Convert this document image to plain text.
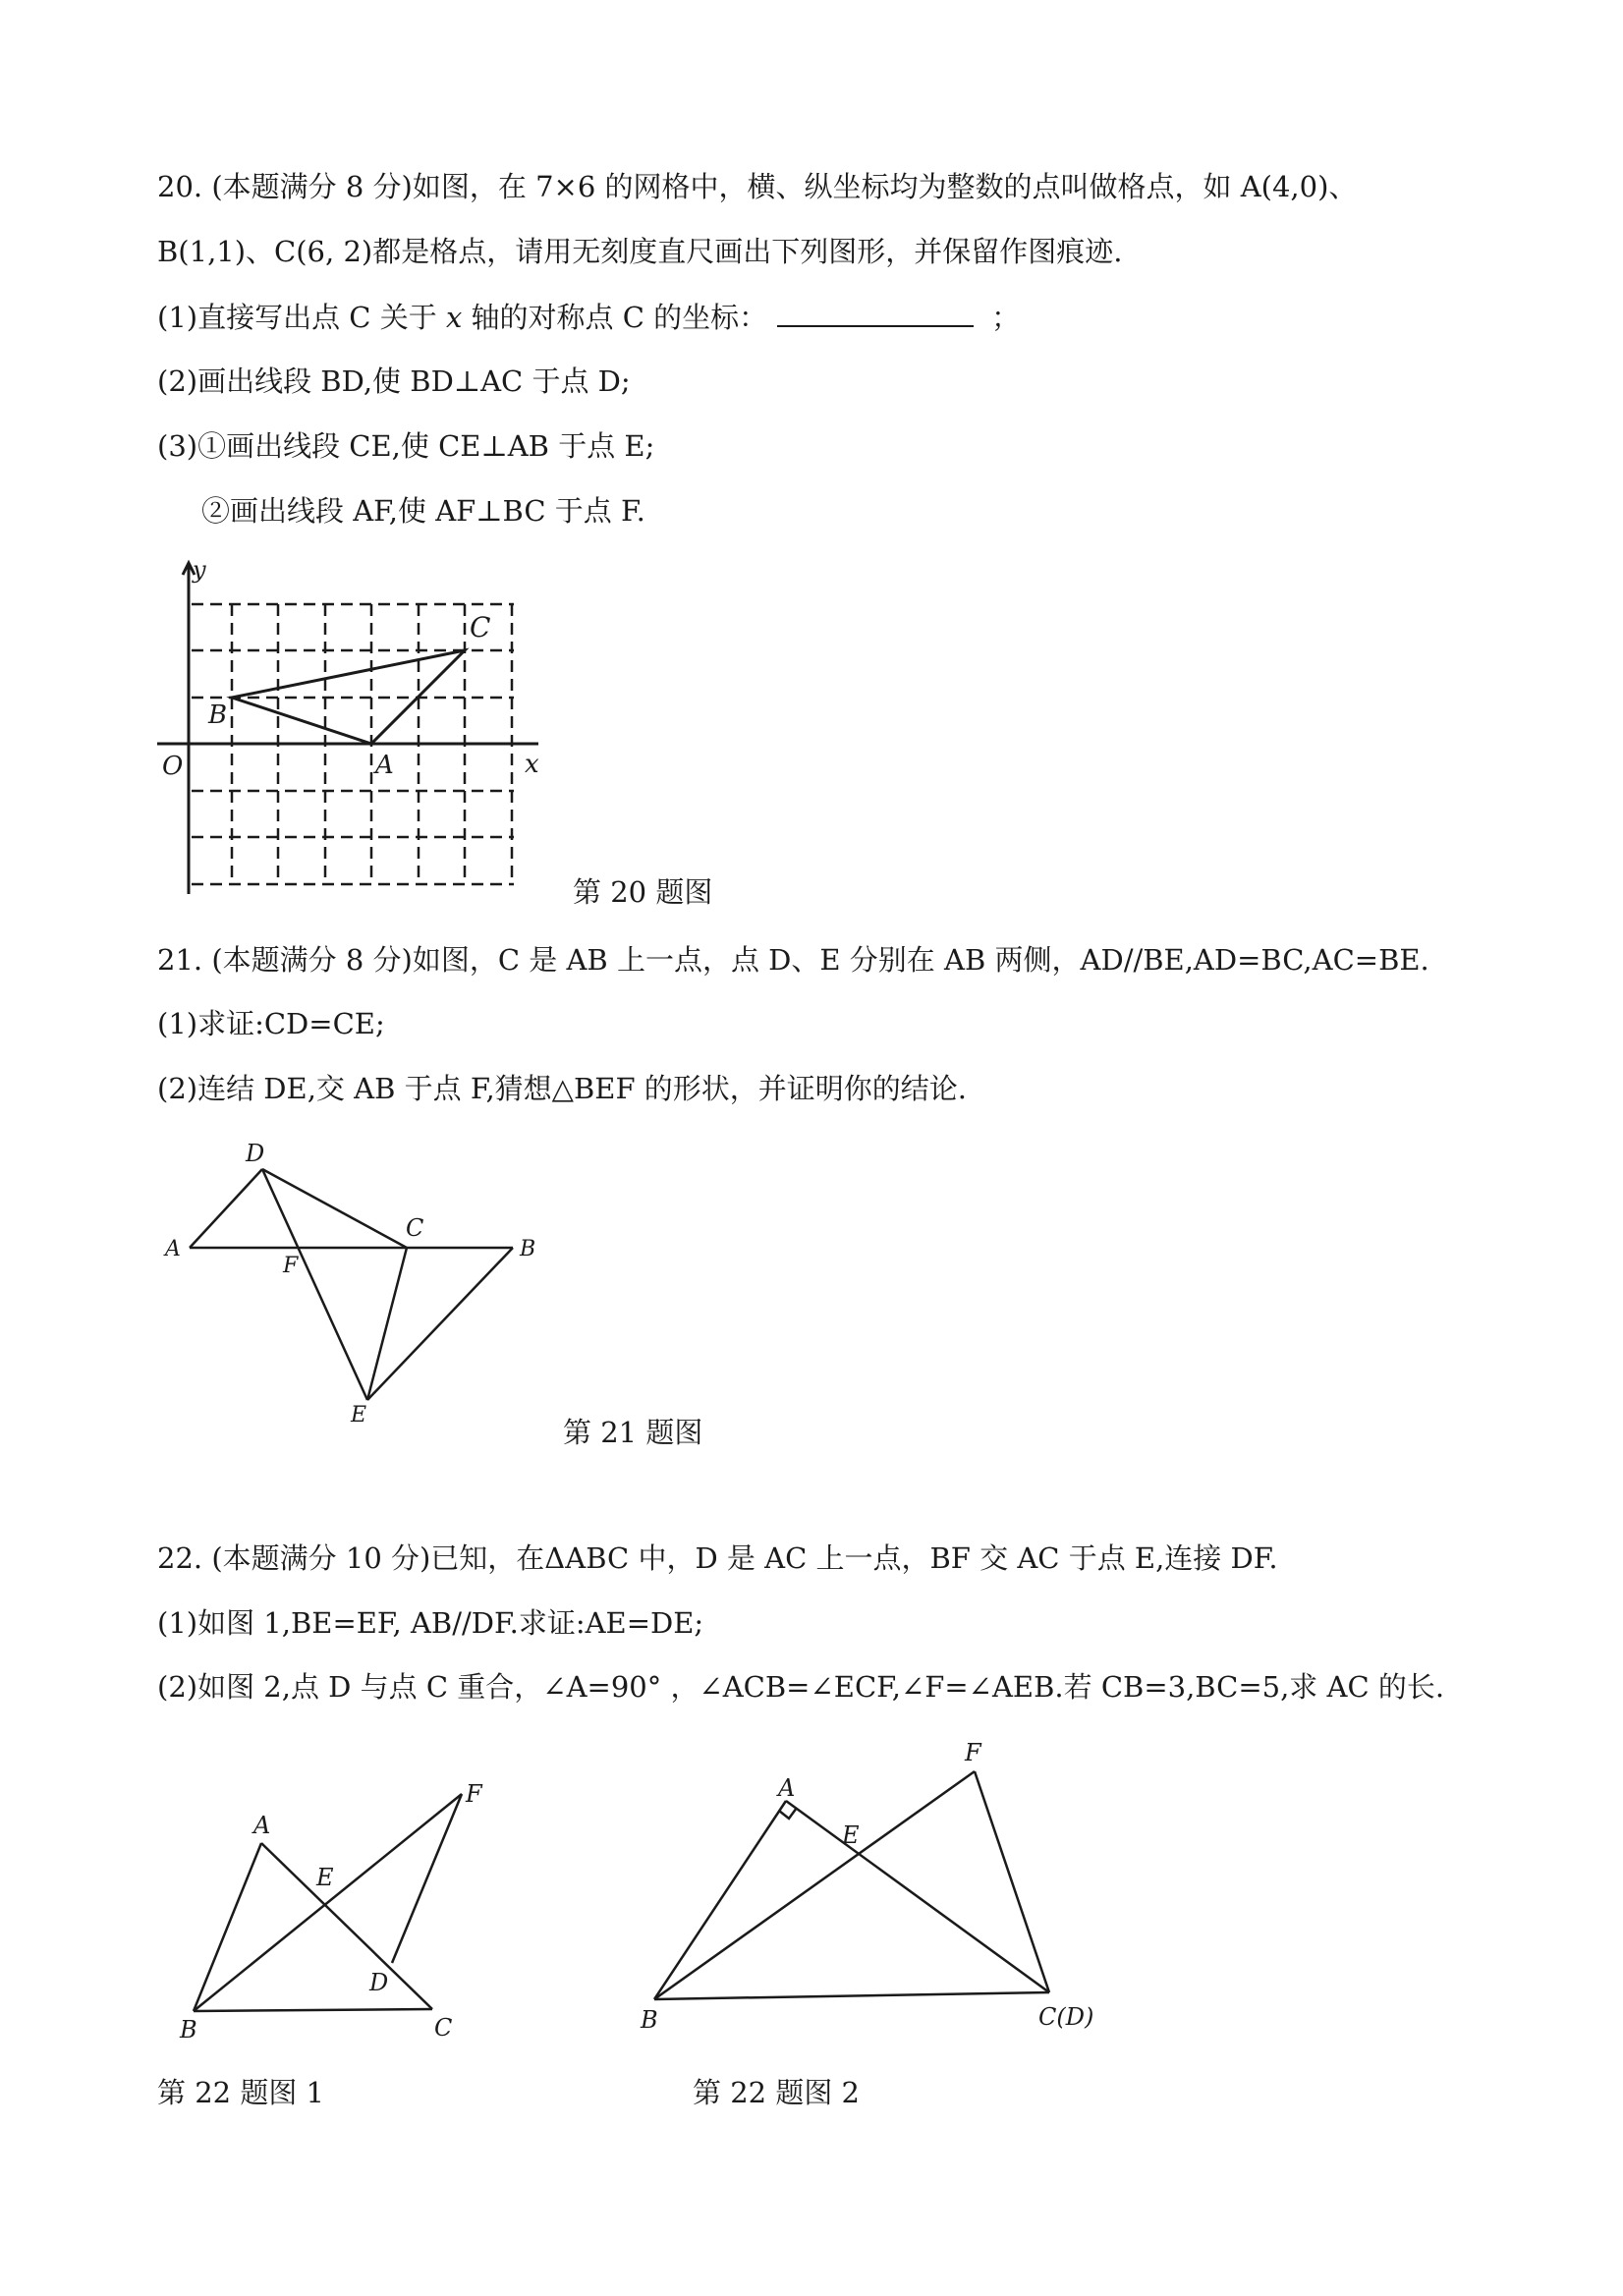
20. (本题满分 8 分)如图，在 7×6 的网格中，横、纵坐标均为整数的点叫做格点，如 A(4,0)、
B(1,1)、C(6, 2)都是格点，请用无刻度直尺画出下列图形，并保留作图痕迹.
(1)直接写出点 C 关于 x 轴的对称点 C 的坐标：	；
(2)画出线段 BD,使 BD⊥AC 于点 D;
(3)①画出线段 CE,使 CE⊥AB 于点 E;
②画出线段 AF,使 AF⊥BC 于点 F.
y
x
O	A
B
C
第 20 题图
21. (本题满分 8 分)如图，C 是 AB 上一点，点 D、E 分别在 AB 两侧，AD//BE,AD=BC,AC=BE.
(1)求证:CD=CE;
(2)连结 DE,交 AB 于点 F,猜想△BEF 的形状，并证明你的结论.
A	B
C
D
E
F
第 21 题图
22. (本题满分 10 分)已知，在ΔABC 中，D 是 AC 上一点，BF 交 AC 于点 E,连接 DF.
(1)如图 1,BE=EF, AB//DF.求证:AE=DE;
(2)如图 2,点 D 与点 C 重合，∠A=90° ，∠ACB=∠ECF,∠F=∠AEB.若 CB=3,BC=5,求 AC 的长.
A
B	C
D
E
F	A
B	C(D)
E
F
第 22 题图 1	第 22 题图 2
